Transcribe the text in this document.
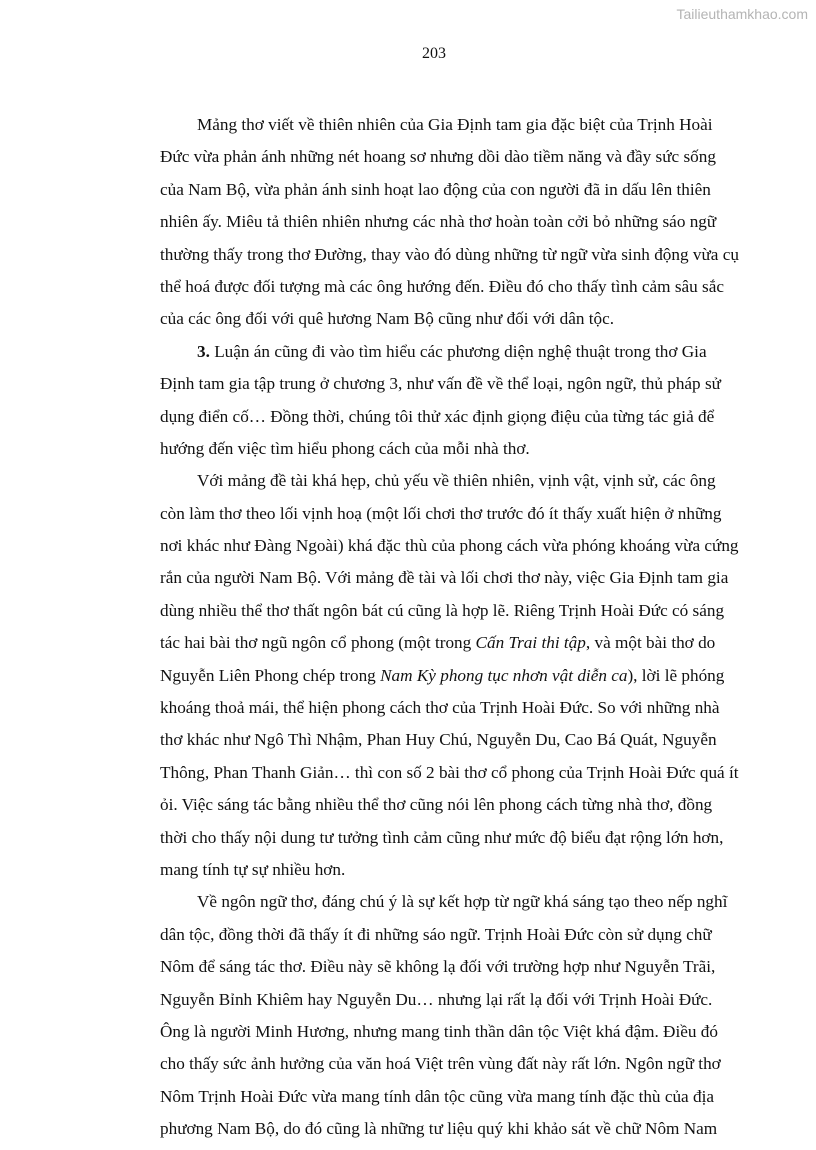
Tailieuthamkhao.com
203
Mảng thơ viết về thiên nhiên của Gia Định tam gia đặc biệt của Trịnh Hoài
Đức vừa phản ánh những nét hoang sơ nhưng dồi dào tiềm năng và đầy sức sống
của Nam Bộ, vừa phản ánh sinh hoạt lao động của con người đã in dấu lên thiên
nhiên ấy. Miêu tả thiên nhiên nhưng các nhà thơ hoàn toàn cởi bỏ những sáo ngữ
thường thấy trong thơ Đường, thay vào đó dùng những từ ngữ vừa sinh động vừa cụ
thể hoá được đối tượng mà các ông hướng đến. Điều đó cho thấy tình cảm sâu sắc
của các ông đối với quê hương Nam Bộ cũng như đối với dân tộc.
3. Luận án cũng đi vào tìm hiểu các phương diện nghệ thuật trong thơ Gia
Định tam gia tập trung ở chương 3, như vấn đề về thể loại, ngôn ngữ, thủ pháp sử
dụng điển cố… Đồng thời, chúng tôi thử xác định giọng điệu của từng tác giả để
hướng đến việc tìm hiểu phong cách của mỗi nhà thơ.
Với mảng đề tài khá hẹp, chủ yếu về thiên nhiên, vịnh vật, vịnh sử, các ông
còn làm thơ theo lối vịnh hoạ (một lối chơi thơ trước đó ít thấy xuất hiện ở những
nơi khác như Đàng Ngoài) khá đặc thù của phong cách vừa phóng khoáng vừa cứng
rắn của người Nam Bộ. Với mảng đề tài và lối chơi thơ này, việc Gia Định tam gia
dùng nhiều thể thơ thất ngôn bát cú cũng là hợp lẽ. Riêng Trịnh Hoài Đức có sáng
tác hai bài thơ ngũ ngôn cổ phong (một trong Cấn Trai thi tập, và một bài thơ do
Nguyễn Liên Phong chép trong Nam Kỳ phong tục nhơn vật diễn ca), lời lẽ phóng
khoáng thoả mái, thể hiện phong cách thơ của Trịnh Hoài Đức. So với những nhà
thơ khác như Ngô Thì Nhậm, Phan Huy Chú, Nguyễn Du, Cao Bá Quát, Nguyễn
Thông, Phan Thanh Giản… thì con số 2 bài thơ cổ phong của Trịnh Hoài Đức quá ít
ỏi. Việc sáng tác bằng nhiều thể thơ cũng nói lên phong cách từng nhà thơ, đồng
thời cho thấy nội dung tư tưởng tình cảm cũng như mức độ biểu đạt rộng lớn hơn,
mang tính tự sự nhiều hơn.
Về ngôn ngữ thơ, đáng chú ý là sự kết hợp từ ngữ khá sáng tạo theo nếp nghĩ
dân tộc, đồng thời đã thấy ít đi những sáo ngữ. Trịnh Hoài Đức còn sử dụng chữ
Nôm để sáng tác thơ. Điều này sẽ không lạ đối với trường hợp như Nguyễn Trãi,
Nguyễn Bỉnh Khiêm hay Nguyễn Du… nhưng lại rất lạ đối với Trịnh Hoài Đức.
Ông là người Minh Hương, nhưng mang tinh thần dân tộc Việt khá đậm. Điều đó
cho thấy sức ảnh hưởng của văn hoá Việt trên vùng đất này rất lớn. Ngôn ngữ thơ
Nôm Trịnh Hoài Đức vừa mang tính dân tộc cũng vừa mang tính đặc thù của địa
phương Nam Bộ, do đó cũng là những tư liệu quý khi khảo sát về chữ Nôm Nam
